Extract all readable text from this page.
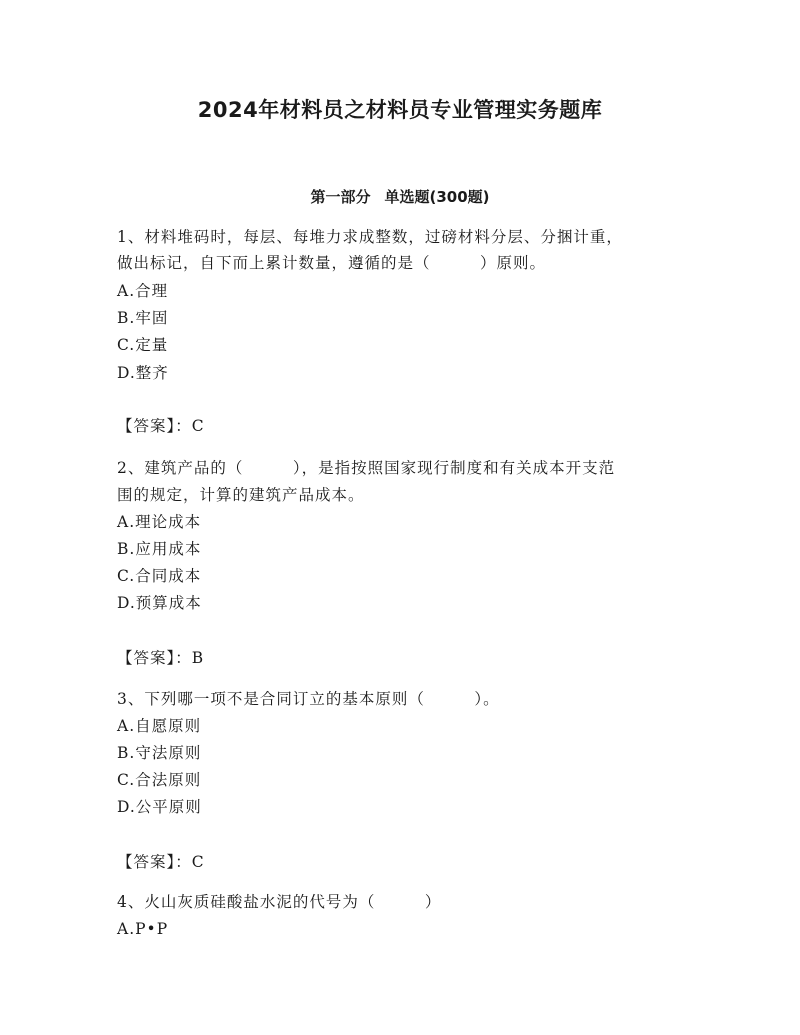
2024年材料员之材料员专业管理实务题库
第一部分 单选题(300题)
1、材料堆码时，每层、每堆力求成整数，过磅材料分层、分捆计重，
做出标记，自下而上累计数量，遵循的是（　　　）原则。
A.合理
B.牢固
C.定量
D.整齐
【答案】：C
2、建筑产品的（　　　），是指按照国家现行制度和有关成本开支范
围的规定，计算的建筑产品成本。
A.理论成本
B.应用成本
C.合同成本
D.预算成本
【答案】：B
3、下列哪一项不是合同订立的基本原则（　　　）。
A.自愿原则
B.守法原则
C.合法原则
D.公平原则
【答案】：C
4、火山灰质硅酸盐水泥的代号为（　　　）
A.P•P
